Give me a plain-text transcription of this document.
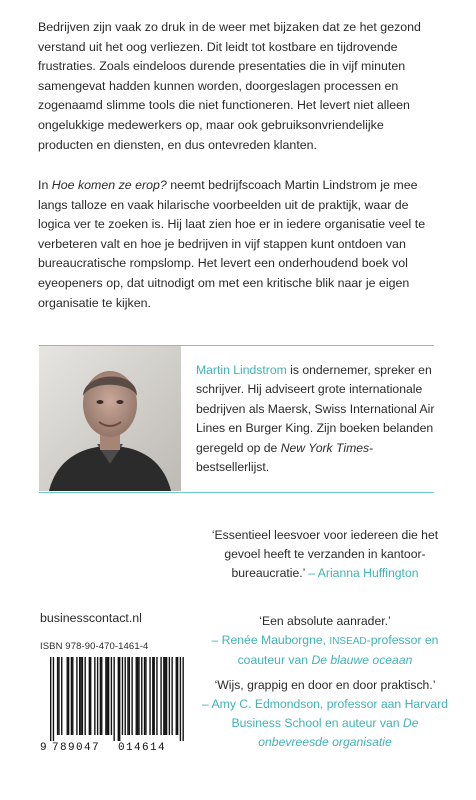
Bedrijven zijn vaak zo druk in de weer met bijzaken dat ze het gezond verstand uit het oog verliezen. Dit leidt tot kostbare en tijdrovende frustraties. Zoals eindeloos durende presentaties die in vijf minuten samengevat hadden kunnen worden, doorgeslagen processen en zogenaamd slimme tools die niet functioneren. Het levert niet alleen ongelukkige medewerkers op, maar ook gebruiksonvriendelijke producten en diensten, en dus ontevreden klanten.

In Hoe komen ze erop? neemt bedrijfscoach Martin Lindstrom je mee langs talloze en vaak hilarische voorbeelden uit de praktijk, waar de logica ver te zoeken is. Hij laat zien hoe er in iedere organisatie veel te verbeteren valt en hoe je bedrijven in vijf stappen kunt ontdoen van bureaucratische rompslomp. Het levert een onderhoudend boek vol eyeopeners op, dat uitnodigt om met een kritische blik naar je eigen organisatie te kijken.

Martin Lindstrom is ondernemer, spreker en schrijver. Hij adviseert grote internationale bedrijven als Maersk, Swiss International Air Lines en Burger King. Zijn boeken belanden geregeld op de New York Times-bestsellerlijst.

‘Essentieel leesvoer voor iedereen die het gevoel heeft te verzanden in kantoor-bureaucratie.’ – Arianna Huffington

‘Een absolute aanrader.’
– Renée Mauborgne, INSEAD-professor en coauteur van De blauwe oceaan

‘Wijs, grappig en door en door praktisch.’
– Amy C. Edmondson, professor aan Harvard Business School en auteur van De onbevreesde organisatie

businesscontact.nl
ISBN 978-90-470-1461-4
9 789047 014614
